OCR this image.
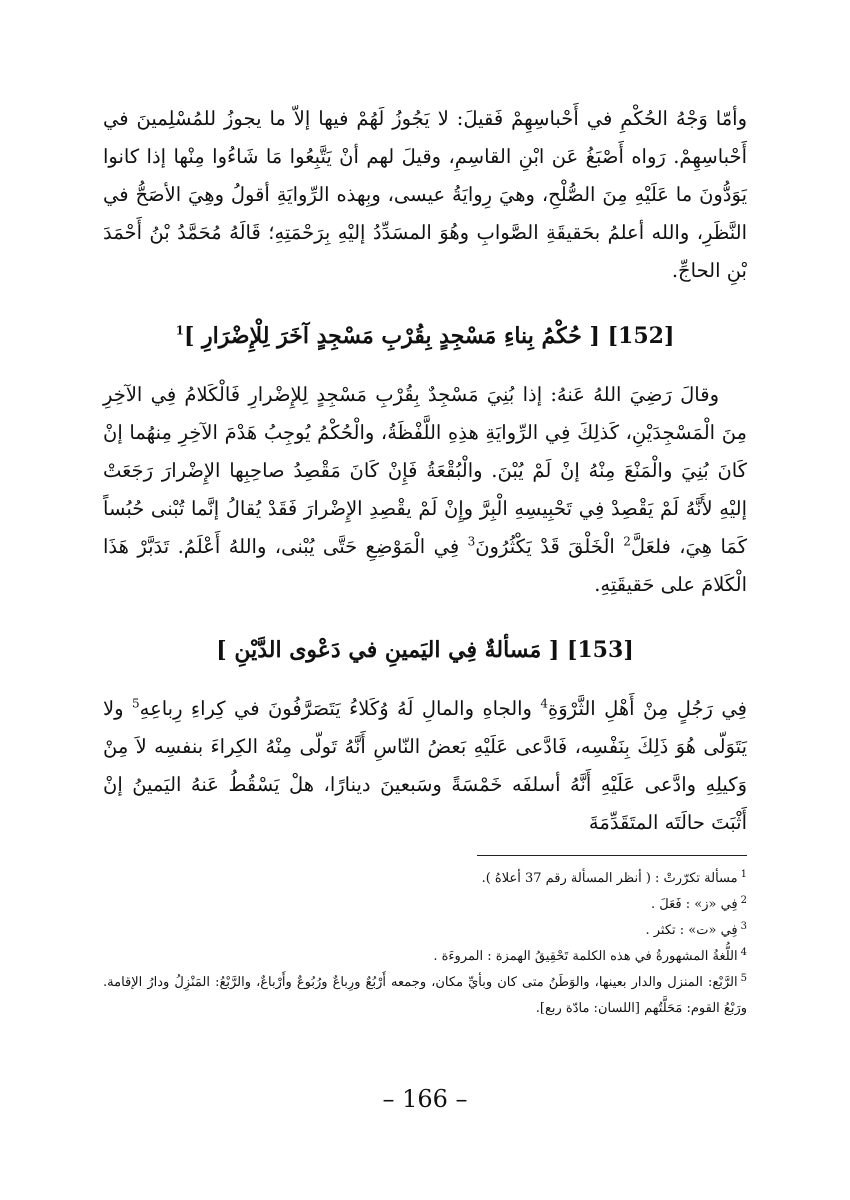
وأمّا وَجْهُ الحُكْمِ في أَحْباسِهِمْ فَقيلَ: لا يَجُوزُ لَهُمْ فيها إلاّ ما يجوزُ للمُسْلِمينَ في أَحْباسِهِمْ. رَواه أَصْبَغُ عَن ابْنِ القاسِمِ، وقيلَ لهم أنْ يَتَّبِعُوا مَا شَاءُوا مِنْها إذا كانوا يَوَدُّونَ ما عَلَيْهِ مِنَ الصُّلْحِ، وهيَ رِوايَةُ عيسى، وبِهذه الرِّوايَةِ أقولُ وهِيَ الأصَحُّ في النَّظَرِ، والله أعلمُ بحَقيقَةِ الصَّوابِ وهُوَ المسَدِّدُ إليْهِ بِرَحْمَتِهِ؛ قَالَهُ مُحَمَّدُ بْنُ أَحْمَدَ بْنِ الحاجِّ.

[152] [ حُكْمُ بِناءِ مَسْجِدٍ بِقُرْبِ مَسْجِدٍ آخَرَ لِلْإِضْرَارِ ]$^1$

وقالَ رَضِيَ اللهُ عَنهُ: إذا بُنِيَ مَسْجِدٌ بِقُرْبِ مَسْجِدٍ لِلإِضْرارِ فَالْكَلامُ فِي الآخِرِ مِنَ الْمَسْجِدَيْنِ، كَذلِكَ فِي الرِّوايَةِ هذِهِ اللَّفْظَةُ، والْحُكْمُ يُوجِبُ هَدْمَ الآخِرِ مِنهُما إنْ كَانَ بُنِيَ والْمَنْعَ مِنْهُ إنْ لَمْ يُبْنَ. والْبُقْعَةُ فَإِنْ كَانَ مَقْصِدُ صاحِبِها الإِضْرارَ رَجَعَتْ إليْهِ لأَنَّهُ لَمْ يَقْصِدْ فِي تَحْبِيسِهِ الْبِرَّ وإِنْ لَمْ يقْصِدِ الإِضْرارَ فَقَدْ يُقالُ إنَّما تُبْنى حُبُساً كَمَا هِيَ، فلعَلَّ$^2$ الْخَلْقَ قَدْ يَكْثُرُونَ$^3$ فِي الْمَوْضِعِ حَتَّى يُبْنى، واللهُ أَعْلَمُ. تَدَبَّرْ هَذَا الْكَلامَ على حَقيقَتِهِ.

[153] [ مَسألةٌ فِي اليَمينِ في دَعْوى الدَّيْنِ ]

فِي رَجُلٍ مِنْ أَهْلِ الثَّرْوَةِ$^4$ والجاهِ والمالِ لَهُ وُكَلاءُ يَتَصَرَّفُونَ في كِراءِ رِباعِهِ$^5$ ولا يَتَوَلّى هُوَ ذَلِكَ بِنَفْسِه، فَادَّعى عَلَيْهِ بَعضُ النّاسِ أَنَّهُ تَولّى مِنْهُ الكِراءَ بنفسِه لاَ مِنْ وَكيلِهِ وادَّعى عَلَيْهِ أَنَّهُ أسلفَه خَمْسَةً وسَبعينَ دينارًا، هلْ يَسْقُطُ عَنهُ اليَمينُ إنْ أَثْبَتَ حالَتَه المتَقَدِّمَةَ

$^1$مسألة تكرّرتْ : ( أنظر المسألة رقم 37 أعلاهُ ).

$^2$فِي «ز» : فَعَلَ .

$^3$فِي «ت» : تكثر .

$^4$اللُّغةُ المشهورةُ في هذه الكلمة تَحْقِيقُ الهمزة : المروءَة .

$^5$الرَّبْع: المنزل والدار بعينها، والوَطَنُ متى كان وبأيِّ مكان، وجمعه أَرْبُعٌ ورِباعٌ ورُبُوعٌ وأَرْباعٌ، والرَّبْعُ: المَنْزِلُ ودارُ الإقامة. ورَبْعُ القوم: مَحَلَّتُهم [اللسان: مادّة ربع].

– 166 –
